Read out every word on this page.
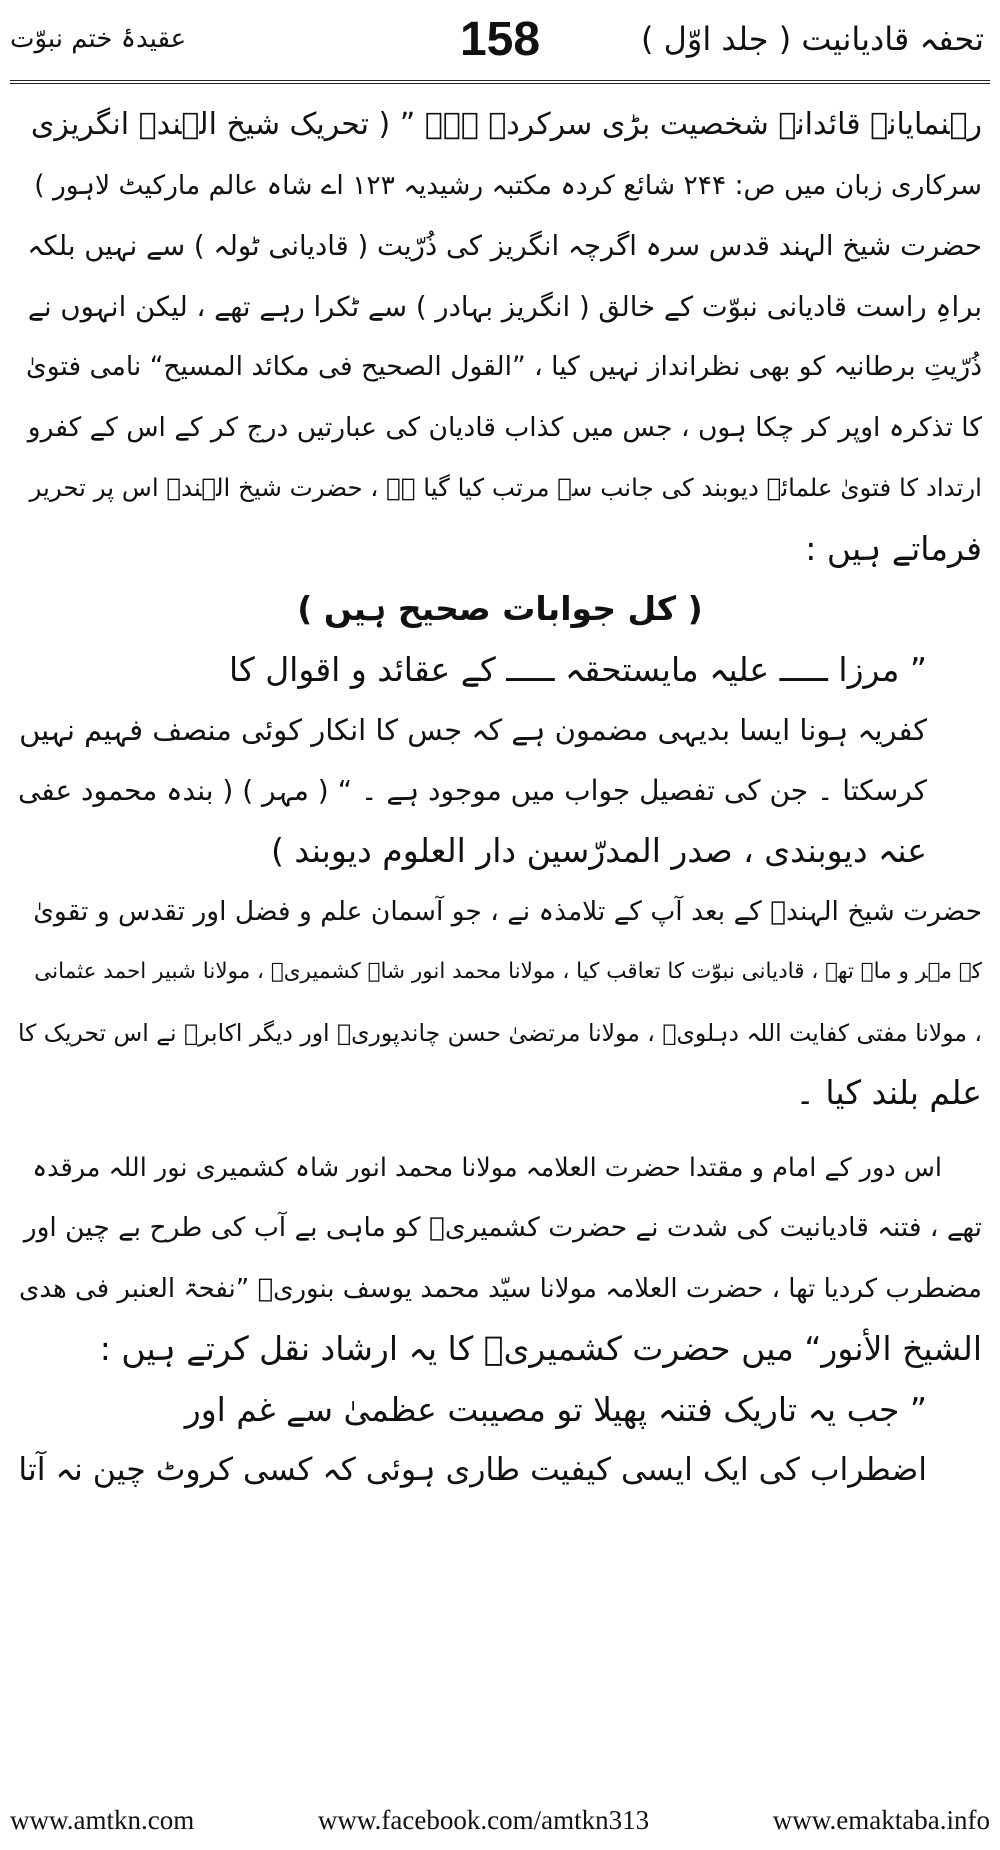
تحفہ قادیانیت ( جلد اوّل )
158
عقیدۂ ختم نبوّت
رہنمایانہ قائدانہ شخصیت بڑی سرکردہ ہے۔ ” ( تحریک شیخ الہندؒ انگریزی
سرکاری زبان میں ص: ۲۴۴ شائع کردہ مکتبہ رشیدیہ ۱۲۳ اے شاہ عالم مارکیٹ لاہور )
حضرت شیخ الہند قدس سرہ اگرچہ انگریز کی ذُرّیت ( قادیانی ٹولہ ) سے نہیں بلکہ
براہِ راست قادیانی نبوّت کے خالق ( انگریز بہادر ) سے ٹکرا رہے تھے ، لیکن انہوں نے
ذُرّیتِ برطانیہ کو بھی نظرانداز نہیں کیا ، ”القول الصحیح فی مکائد المسیح“ نامی فتویٰ
کا تذکرہ اوپر کر چکا ہوں ، جس میں کذاب قادیان کی عبارتیں درج کر کے اس کے کفرو
ارتداد کا فتویٰ علمائے دیوبند کی جانب سے مرتب کیا گیا ہے ، حضرت شیخ الہندؒ اس پر تحریر
فرماتے ہیں :
( کل جوابات صحیح ہیں )
” مرزا ـــــ علیہ مایستحقہ ـــــ کے عقائد و اقوال کا
کفریہ ہونا ایسا بدیہی مضمون ہے کہ جس کا انکار کوئی منصف فہیم نہیں
کرسکتا ۔ جن کی تفصیل جواب میں موجود ہے ۔ “ ( مہر ) ( بندہ محمود عفی
عنہ دیوبندی ، صدر المدرّسین دار العلوم دیوبند )
حضرت شیخ الہندؒ کے بعد آپ کے تلامذہ نے ، جو آسمان علم و فضل اور تقدس و تقویٰ
کے مہر و ماہ تھے ، قادیانی نبوّت کا تعاقب کیا ، مولانا محمد انور شاہ کشمیریؒ ، مولانا شبیر احمد عثمانی
، مولانا مفتی کفایت اللہ دہلویؒ ، مولانا مرتضیٰ حسن چاندپوریؒ اور دیگر اکابرؒ نے اس تحریک کا
علم بلند کیا ۔
اس دور کے امام و مقتدا حضرت العلامہ مولانا محمد انور شاہ کشمیری نور اللہ مرقدہ
تھے ، فتنہ قادیانیت کی شدت نے حضرت کشمیریؒ کو ماہی بے آب کی طرح بے چین اور
مضطرب کردیا تھا ، حضرت العلامہ مولانا سیّد محمد یوسف بنوریؒ ”نفحۃ العنبر فی ھدی
الشیخ الأنور“ میں حضرت کشمیریؒ کا یہ ارشاد نقل کرتے ہیں :
” جب یہ تاریک فتنہ پھیلا تو مصیبت عظمیٰ سے غم اور
اضطراب کی ایک ایسی کیفیت طاری ہوئی کہ کسی کروٹ چین نہ آتا
www.amtkn.com	www.facebook.com/amtkn313	www.emaktaba.info
